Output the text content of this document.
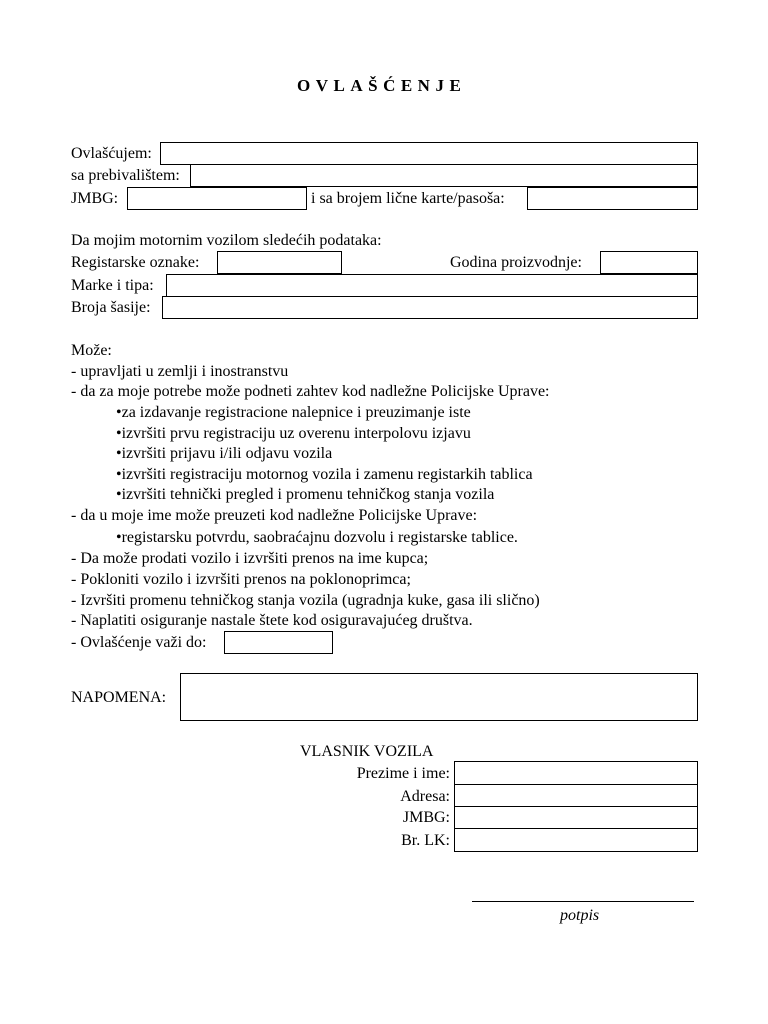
OVLAŠĆENJE
Ovlašćujem:
sa prebivalištem:
JMBG:	i sa brojem lične karte/pasoša:
Da mojim motornim vozilom sledećih podataka:
Registarske oznake:	Godina proizvodnje:
Marke i tipa:
Broja šasije:
Može:
- upravljati u zemlji i inostranstvu
- da za moje potrebe može podneti zahtev kod nadležne Policijske Uprave:
•za izdavanje registracione nalepnice i preuzimanje iste
•izvršiti prvu registraciju uz overenu interpolovu izjavu
•izvršiti prijavu i/ili odjavu vozila
•izvršiti registraciju motornog vozila i zamenu registarkih tablica
•izvršiti tehnički pregled i promenu tehničkog stanja vozila
- da u moje ime može preuzeti kod nadležne Policijske Uprave:
•registarsku potvrdu, saobraćajnu dozvolu i registarske tablice.
- Da može prodati vozilo i izvršiti prenos na ime kupca;
- Pokloniti vozilo i izvršiti prenos na poklonoprimca;
- Izvršiti promenu tehničkog stanja vozila (ugradnja kuke, gasa ili slično)
- Naplatiti osiguranje nastale štete kod osiguravajućeg društva.
- Ovlašćenje važi do:
NAPOMENA:
VLASNIK VOZILA
Prezime i ime:
Adresa:
JMBG:
Br. LK:
potpis
